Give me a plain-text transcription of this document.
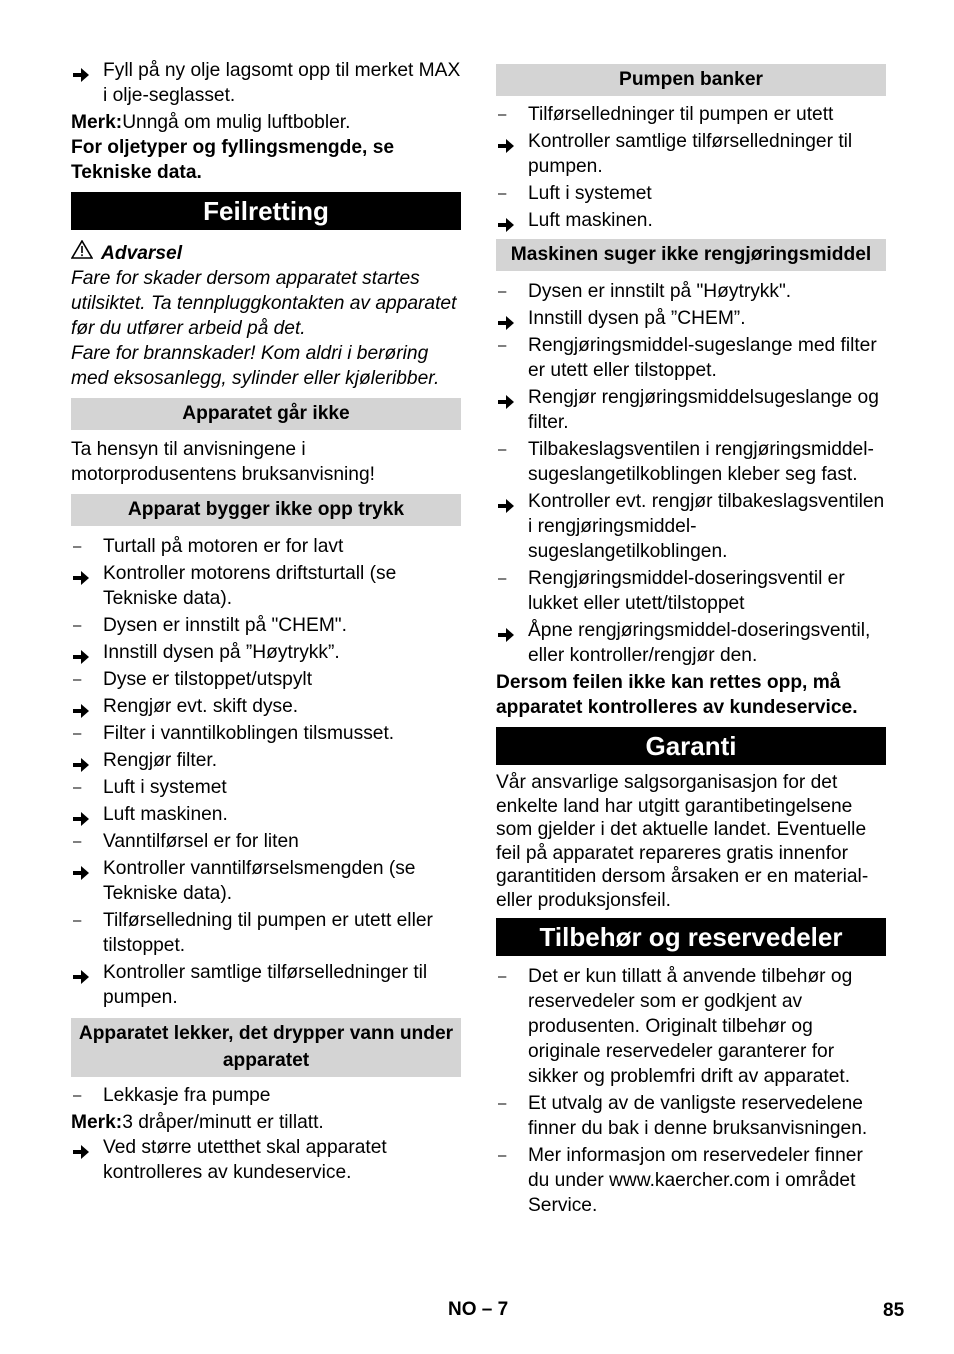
Fyll på ny olje lagsomt opp til merket MAX i olje-seglasset.

Merk:Unngå om mulig luftbobler.

For oljetyper og fyllingsmengde, se Tekniske data.

Feilretting
Advarsel

Fare for skader dersom apparatet startes utilsiktet. Ta tennpluggkontakten av apparatet før du utfører arbeid på det.

Fare for brannskader! Kom aldri i berøring med eksosanlegg, sylinder eller kjøleribber.

Apparatet går ikke

Ta hensyn til anvisningene i motorprodusentens bruksanvisning!

Apparat bygger ikke opp trykk
–	Turtall på motoren er for lavt
Kontroller motorens driftsturtall (se Tekniske data).
–	Dysen er innstilt på "CHEM".
Innstill dysen på ”Høytrykk”.
–	Dyse er tilstoppet/utspylt
Rengjør evt. skift dyse.
–	Filter i vanntilkoblingen tilsmusset.
Rengjør filter.
–	Luft i systemet
Luft maskinen.
–	Vanntilførsel er for liten
Kontroller vanntilførselsmengden (se Tekniske data).
–	Tilførselledning til pumpen er utett eller tilstoppet.
Kontroller samtlige tilførselledninger til pumpen.
Apparatet lekker, det drypper vann under apparatet
–	Lekkasje fra pumpe

Merk:3 dråper/minutt er tillatt.

Ved større utetthet skal apparatet kontrolleres av kundeservice.
Pumpen banker
–	Tilførselledninger til pumpen er utett
Kontroller samtlige tilførselledninger til pumpen.
–	Luft i systemet
Luft maskinen.
Maskinen suger ikke rengjøringsmiddel
–	Dysen er innstilt på "Høytrykk".
Innstill dysen på ”CHEM”.
–	Rengjøringsmiddel-sugeslange med filter er utett eller tilstoppet.
Rengjør rengjøringsmiddelsugeslange og filter.
–	Tilbakeslagsventilen i rengjøringsmiddel-sugeslangetilkoblingen kleber seg fast.
Kontroller evt. rengjør tilbakeslagsventilen i rengjøringsmiddel-sugeslangetilkoblingen.
–	Rengjøringsmiddel-doseringsventil er lukket eller utett/tilstoppet
Åpne rengjøringsmiddel-doseringsventil, eller kontroller/rengjør den.

Dersom feilen ikke kan rettes opp, må apparatet kontrolleres av kundeservice.

Garanti

Vår ansvarlige salgsorganisasjon for det enkelte land har utgitt garantibetingelsene som gjelder i det aktuelle landet. Eventuelle feil på apparatet repareres gratis innenfor garantitiden dersom årsaken er en material- eller produksjonsfeil.

Tilbehør og reservedeler
–	Det er kun tillatt å anvende tilbehør og reservedeler som er godkjent av produsenten. Originalt tilbehør og originale reservedeler garanterer for sikker og problemfri drift av apparatet.
–	Et utvalg av de vanligste reservedelene finner du bak i denne bruksanvisningen.
–	Mer informasjon om reservedeler finner du under www.kaercher.com i området Service.
NO – 7	85
